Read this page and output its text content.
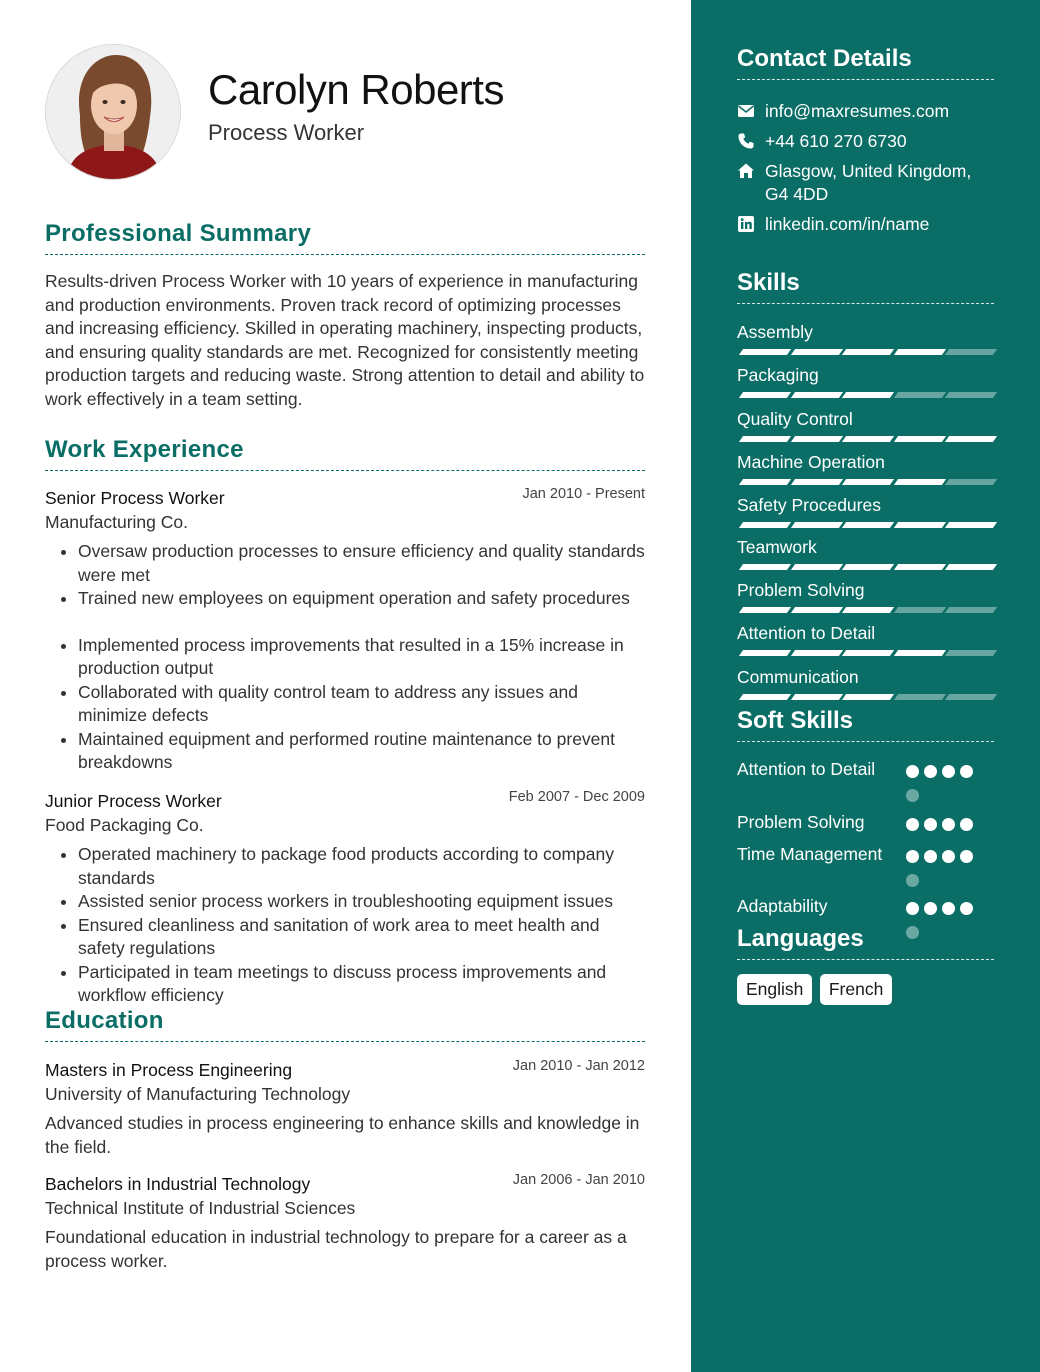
Carolyn Roberts
Process Worker
Professional Summary
Results-driven Process Worker with 10 years of experience in manufacturing and production environments. Proven track record of optimizing processes and increasing efficiency. Skilled in operating machinery, inspecting products, and ensuring quality standards are met. Recognized for consistently meeting production targets and reducing waste. Strong attention to detail and ability to work effectively in a team setting.
Work Experience
Senior Process Worker	Jan 2010 - Present
Manufacturing Co.
• Oversaw production processes to ensure efficiency and quality standards were met
• Trained new employees on equipment operation and safety procedures
• Implemented process improvements that resulted in a 15% increase in production output
• Collaborated with quality control team to address any issues and minimize defects
• Maintained equipment and performed routine maintenance to prevent breakdowns
Junior Process Worker	Feb 2007 - Dec 2009
Food Packaging Co.
• Operated machinery to package food products according to company standards
• Assisted senior process workers in troubleshooting equipment issues
• Ensured cleanliness and sanitation of work area to meet health and safety regulations
• Participated in team meetings to discuss process improvements and workflow efficiency
Education
Masters in Process Engineering	Jan 2010 - Jan 2012
University of Manufacturing Technology
Advanced studies in process engineering to enhance skills and knowledge in the field.
Bachelors in Industrial Technology	Jan 2006 - Jan 2010
Technical Institute of Industrial Sciences
Foundational education in industrial technology to prepare for a career as a process worker.
Contact Details
info@maxresumes.com
+44 610 270 6730
Glasgow, United Kingdom, G4 4DD
linkedin.com/in/name
Skills
Assembly
Packaging
Quality Control
Machine Operation
Safety Procedures
Teamwork
Problem Solving
Attention to Detail
Communication
Soft Skills
Attention to Detail
Problem Solving
Time Management
Adaptability
Languages
English French
